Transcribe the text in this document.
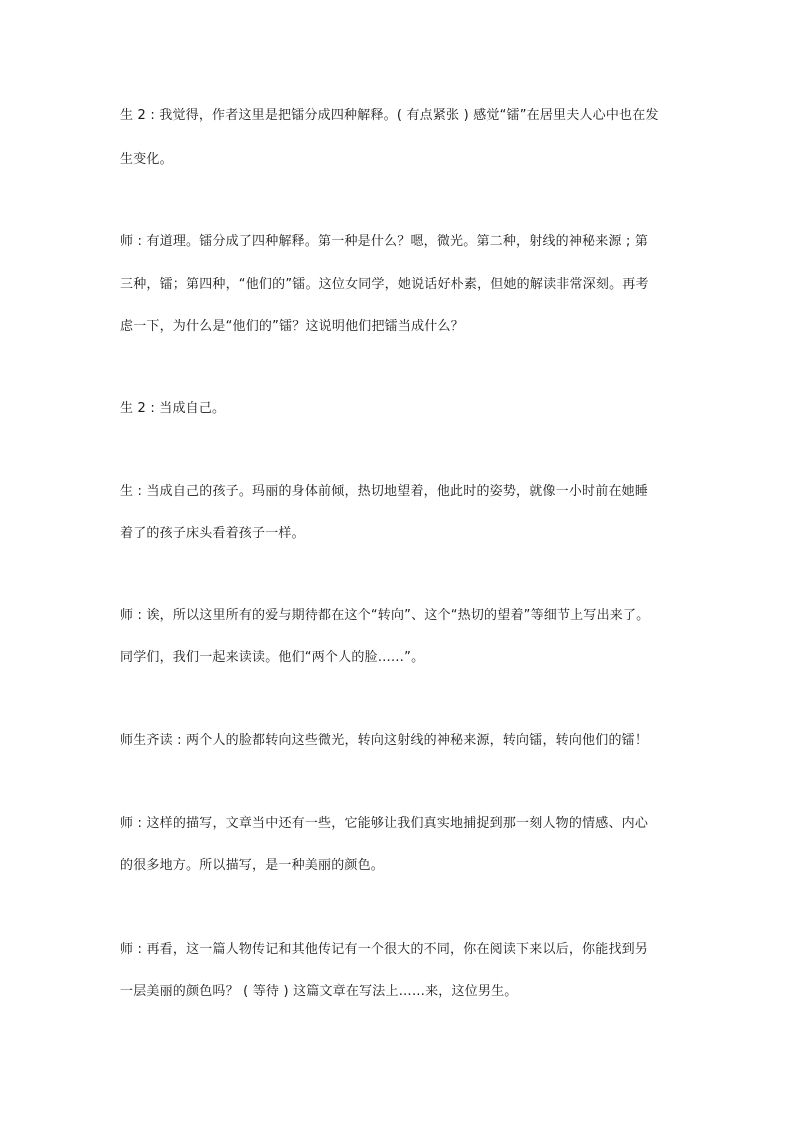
生 2 : 我觉得，作者这里是把镭分成四种解释。( 有点紧张 ) 感觉“镭”在居里夫人心中也在发

生变化。

师 : 有道理。镭分成了四种解释。第一种是什么？嗯，微光。第二种，射线的神秘来源 ; 第

三种，镭；第四种，“他们的”镭。这位女同学，她说话好朴素，但她的解读非常深刻。再考

虑一下，为什么是“他们的”镭？这说明他们把镭当成什么？

生 2 : 当成自己。

生 : 当成自己的孩子。玛丽的身体前倾，热切地望着，他此时的姿势，就像一小时前在她睡

着了的孩子床头看着孩子一样。

师 : 诶，所以这里所有的爱与期待都在这个“转向”、这个“热切的望着”等细节上写出来了。

同学们，我们一起来读读。他们“两个人的脸……”。

师生齐读 : 两个人的脸都转向这些微光，转向这射线的神秘来源，转向镭，转向他们的镭！

师 : 这样的描写，文章当中还有一些，它能够让我们真实地捕捉到那一刻人物的情感、内心

的很多地方。所以描写，是一种美丽的颜色。

师 : 再看，这一篇人物传记和其他传记有一个很大的不同，你在阅读下来以后，你能找到另

一层美丽的颜色吗？ ( 等待 ) 这篇文章在写法上……来，这位男生。
